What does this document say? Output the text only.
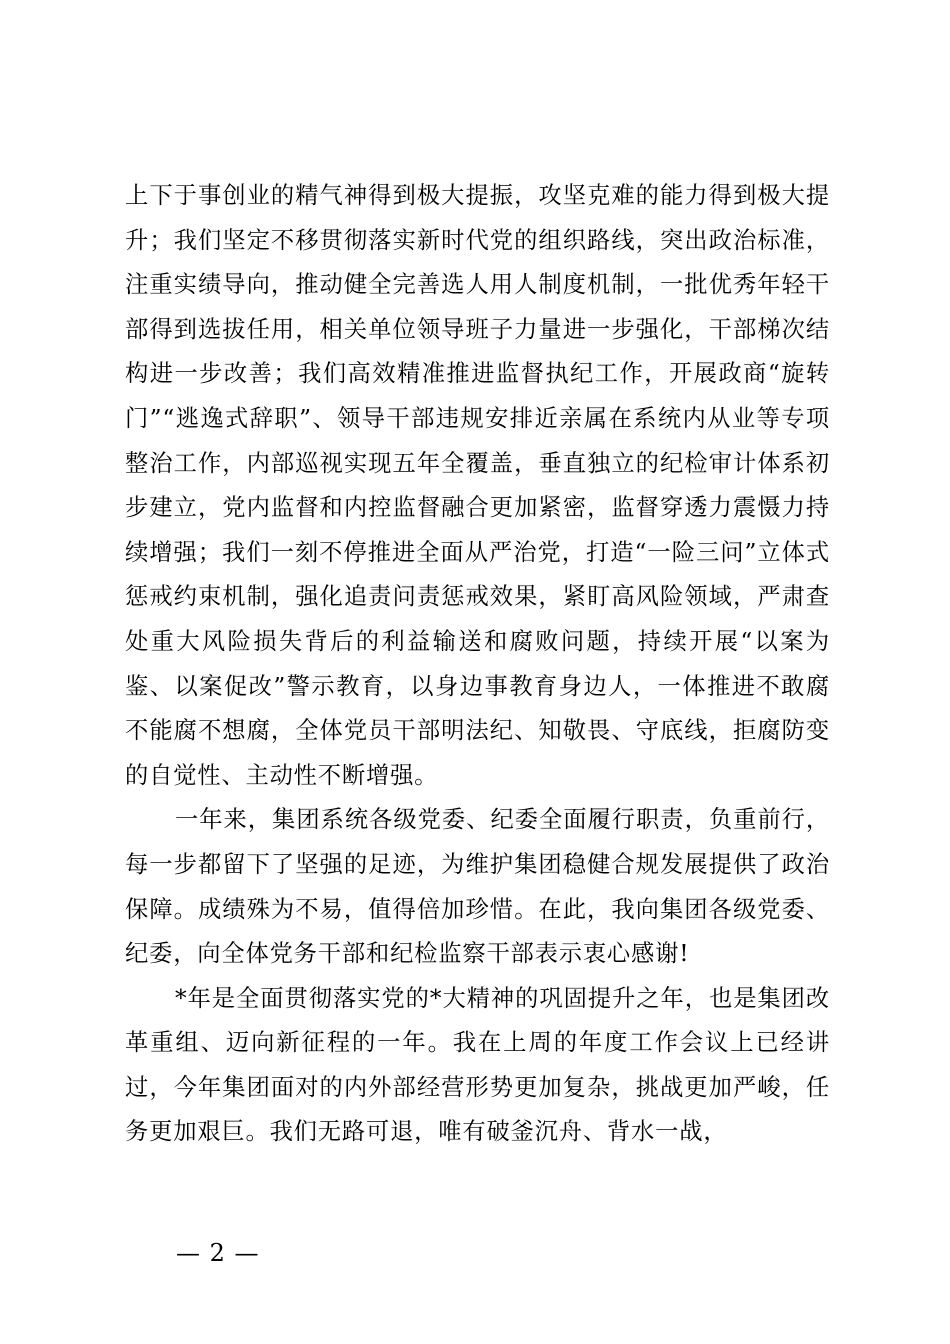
上下于事创业的精气神得到极大提振，攻坚克难的能力得到极大提升；我们坚定不移贯彻落实新时代党的组织路线，突出政治标准，注重实绩导向，推动健全完善选人用人制度机制，一批优秀年轻干部得到选拔任用，相关单位领导班子力量进一步强化，干部梯次结构进一步改善；我们高效精准推进监督执纪工作，开展政商“旋转门”“逃逸式辞职”、领导干部违规安排近亲属在系统内从业等专项整治工作，内部巡视实现五年全覆盖，垂直独立的纪检审计体系初步建立，党内监督和内控监督融合更加紧密，监督穿透力震慑力持续增强；我们一刻不停推进全面从严治党，打造“一险三问”立体式惩戒约束机制，强化追责问责惩戒效果，紧盯高风险领域，严肃查处重大风险损失背后的利益输送和腐败问题，持续开展“以案为鉴、以案促改”警示教育，以身边事教育身边人，一体推进不敢腐不能腐不想腐，全体党员干部明法纪、知敬畏、守底线，拒腐防变的自觉性、主动性不断增强。

一年来，集团系统各级党委、纪委全面履行职责，负重前行，每一步都留下了坚强的足迹，为维护集团稳健合规发展提供了政治保障。成绩殊为不易，值得倍加珍惜。在此，我向集团各级党委、纪委，向全体党务干部和纪检监察干部表示衷心感谢!

*年是全面贯彻落实党的*大精神的巩固提升之年，也是集团改革重组、迈向新征程的一年。我在上周的年度工作会议上已经讲过，今年集团面对的内外部经营形势更加复杂，挑战更加严峻，任务更加艰巨。我们无路可退，唯有破釜沉舟、背水一战，

— 2 —
